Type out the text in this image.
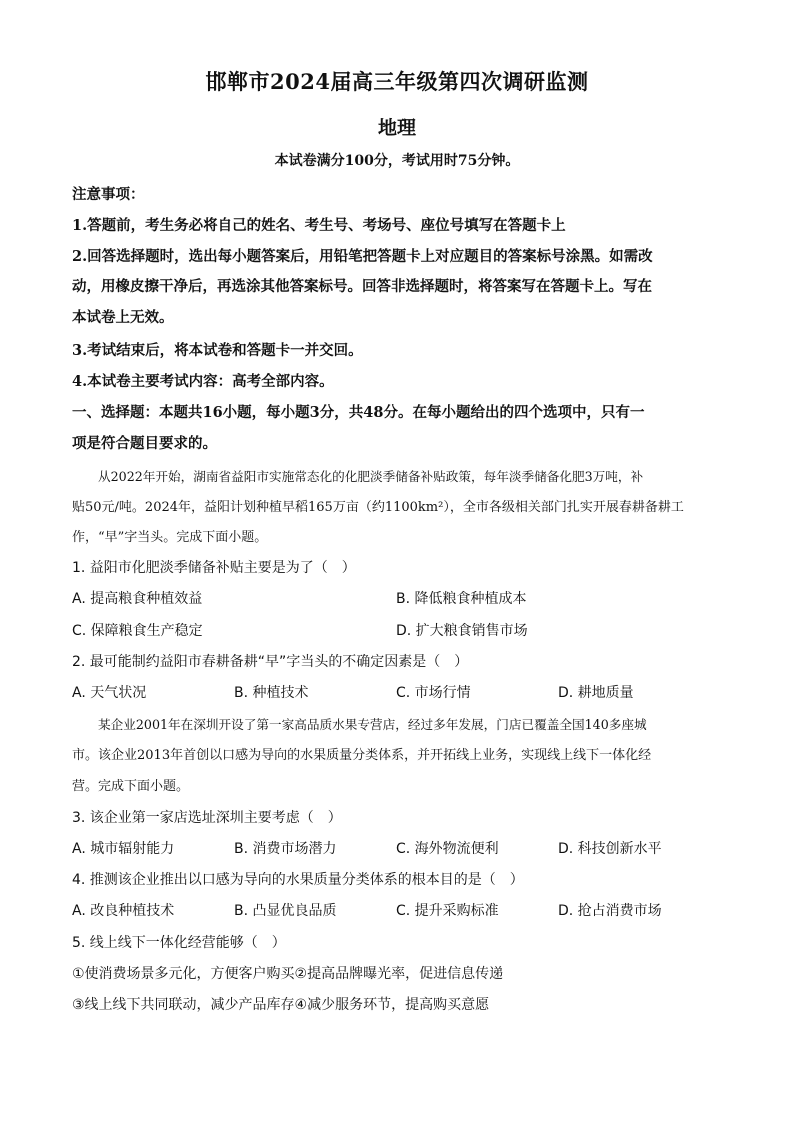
邯郸市2024届高三年级第四次调研监测
地理
本试卷满分100分，考试用时75分钟。
注意事项：
1.答题前，考生务必将自己的姓名、考生号、考场号、座位号填写在答题卡上
2.回答选择题时，选出每小题答案后，用铅笔把答题卡上对应题目的答案标号涂黑。如需改
动，用橡皮擦干净后，再选涂其他答案标号。回答非选择题时，将答案写在答题卡上。写在
本试卷上无效。
3.考试结束后，将本试卷和答题卡一并交回。
4.本试卷主要考试内容：高考全部内容。
一、选择题：本题共16小题，每小题3分，共48分。在每小题给出的四个选项中，只有一
项是符合题目要求的。
从2022年开始，湖南省益阳市实施常态化的化肥淡季储备补贴政策，每年淡季储备化肥3万吨，补
贴50元/吨。2024年，益阳计划种植早稻165万亩（约1100km²），全市各级相关部门扎实开展春耕备耕工
作，“早”字当头。完成下面小题。
1. 益阳市化肥淡季储备补贴主要是为了（　）
A. 提高粮食种植效益	B. 降低粮食种植成本
C. 保障粮食生产稳定	D. 扩大粮食销售市场
2. 最可能制约益阳市春耕备耕“早”字当头的不确定因素是（　）
A. 天气状况	B. 种植技术	C. 市场行情	D. 耕地质量
某企业2001年在深圳开设了第一家高品质水果专营店，经过多年发展，门店已覆盖全国140多座城
市。该企业2013年首创以口感为导向的水果质量分类体系，并开拓线上业务，实现线上线下一体化经
营。完成下面小题。
3. 该企业第一家店选址深圳主要考虑（　）
A. 城市辐射能力	B. 消费市场潜力	C. 海外物流便利	D. 科技创新水平
4. 推测该企业推出以口感为导向的水果质量分类体系的根本目的是（　）
A. 改良种植技术	B. 凸显优良品质	C. 提升采购标准	D. 抢占消费市场
5. 线上线下一体化经营能够（　）
①使消费场景多元化，方便客户购买②提高品牌曝光率，促进信息传递
③线上线下共同联动，减少产品库存④减少服务环节，提高购买意愿
